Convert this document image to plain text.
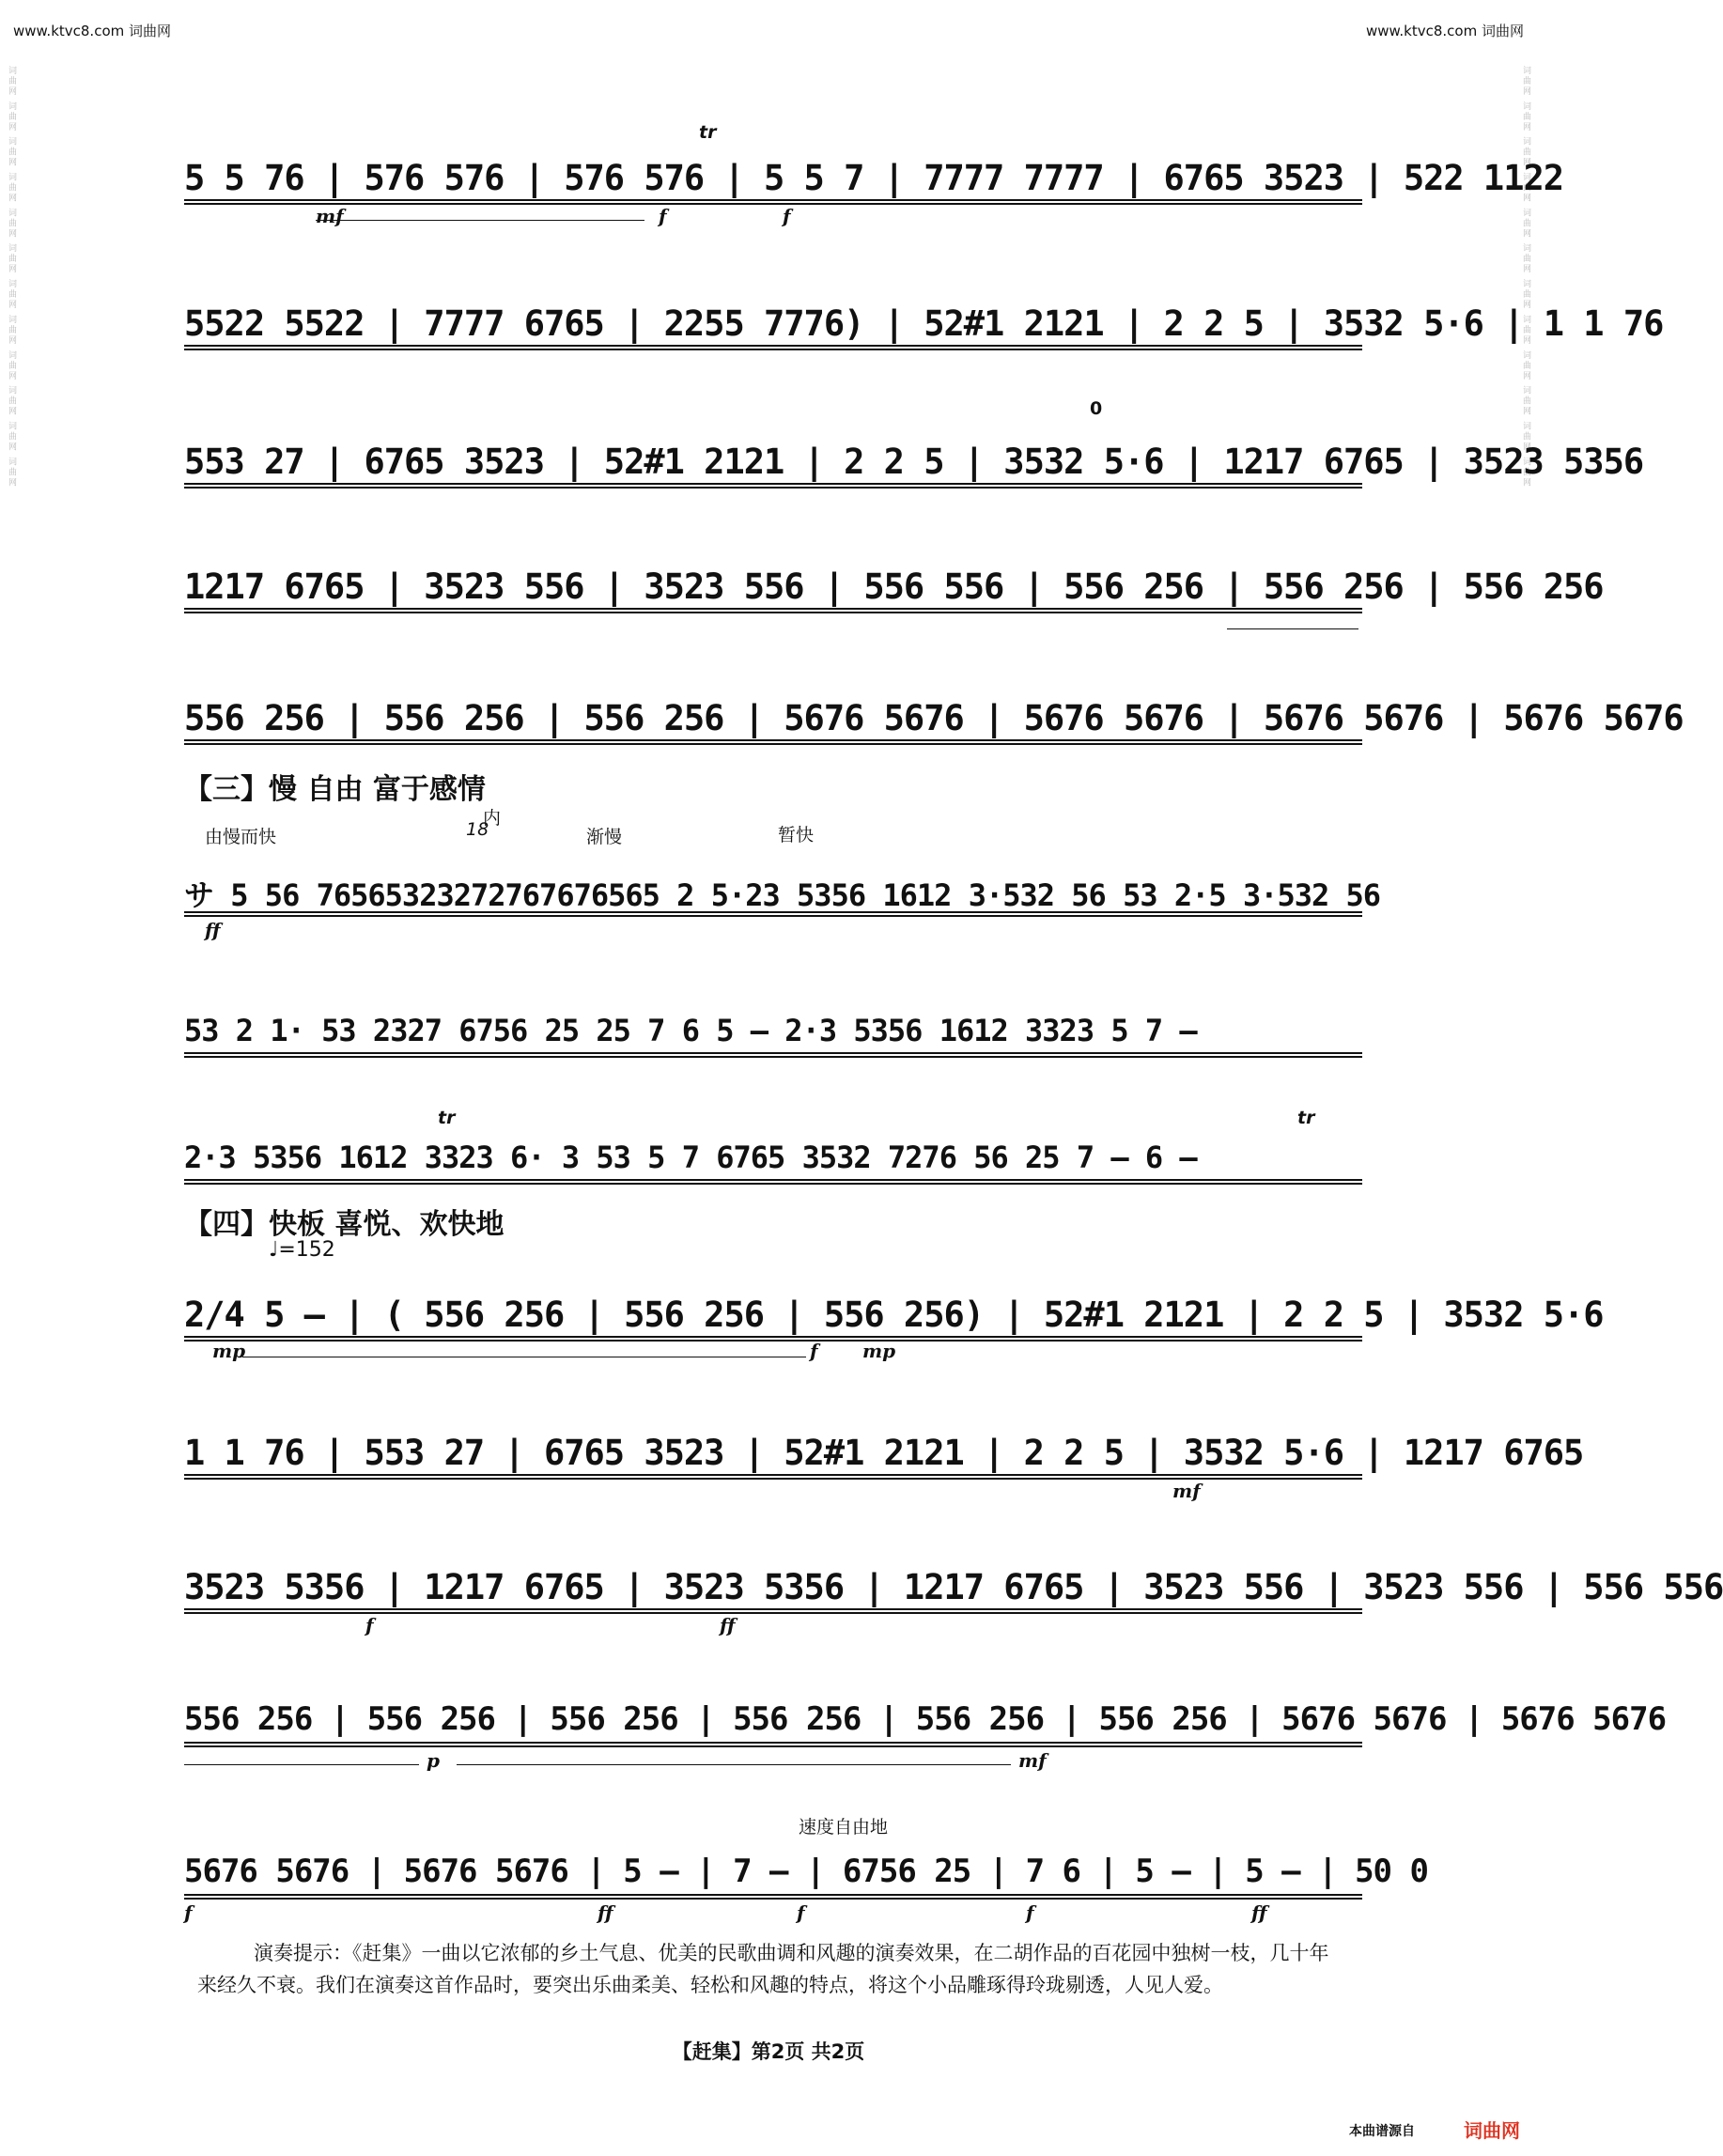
www.ktvc8.com 词曲网	www.ktvc8.com 词曲网
词曲网 词曲网 词曲网 词曲网 词曲网 词曲网 词曲网 词曲网 词曲网 词曲网 词曲网 词曲网	词曲网 词曲网 词曲网 词曲网 词曲网 词曲网 词曲网 词曲网 词曲网 词曲网 词曲网 词曲网
5 5 76 | 576 576 | 576 576 | 5 5 7 | 7777 7777 | 6765 3523 | 522 1122
mf	f	f
tr
5522 5522 | 7777 6765 | 2255 7776) | 52#1 2121 | 2 2 5 | 3532 5·6 | 1 1 76
553 27 | 6765 3523 | 52#1 2121 | 2 2 5 | 3532 5·6 | 1217 6765 | 3523 5356
0
1217 6765 | 3523 556 | 3523 556 | 556 556 | 556 256 | 556 256 | 556 256
556 256 | 556 256 | 556 256 | 5676 5676 | 5676 5676 | 5676 5676 | 5676 5676
【三】慢 自由 富于感情
由慢而快	18
内
渐慢	暂快
サ 5 56 76565323272767676565 2 5·23 5356 1612 3·532 56 53 2·5 3·532 56
ff
53 2 1· 53 2327 6756 25 25 7 6 5 – 2·3 5356 1612 3323 5 7 –
2·3 5356 1612 3323 6· 3 53 5 7 6765 3532 7276 56 25 7 – 6 –
tr	tr
【四】快板 喜悦、欢快地
♩=152
2/4 5 – | ( 556 256 | 556 256 | 556 256) | 52#1 2121 | 2 2 5 | 3532 5·6
mp	f mp
1 1 76 | 553 27 | 6765 3523 | 52#1 2121 | 2 2 5 | 3532 5·6 | 1217 6765
mf
3523 5356 | 1217 6765 | 3523 5356 | 1217 6765 | 3523 556 | 3523 556 | 556 556
f	ff
556 256 | 556 256 | 556 256 | 556 256 | 556 256 | 556 256 | 5676 5676 | 5676 5676
p	mf
5676 5676 | 5676 5676 | 5 – | 7 – | 6756 25 | 7 6 | 5 – | 5 – | 50 0
速度自由地
f	ff	f	f	ff
演奏提示：《赶集》一曲以它浓郁的乡土气息、优美的民歌曲调和风趣的演奏效果，在二胡作品的百花园中独树一枝，几十年来经久不衰。我们在演奏这首作品时，要突出乐曲柔美、轻松和风趣的特点，将这个小品雕琢得玲珑剔透，人见人爱。
【赶集】第2页 共2页
本曲谱源自	词曲网
